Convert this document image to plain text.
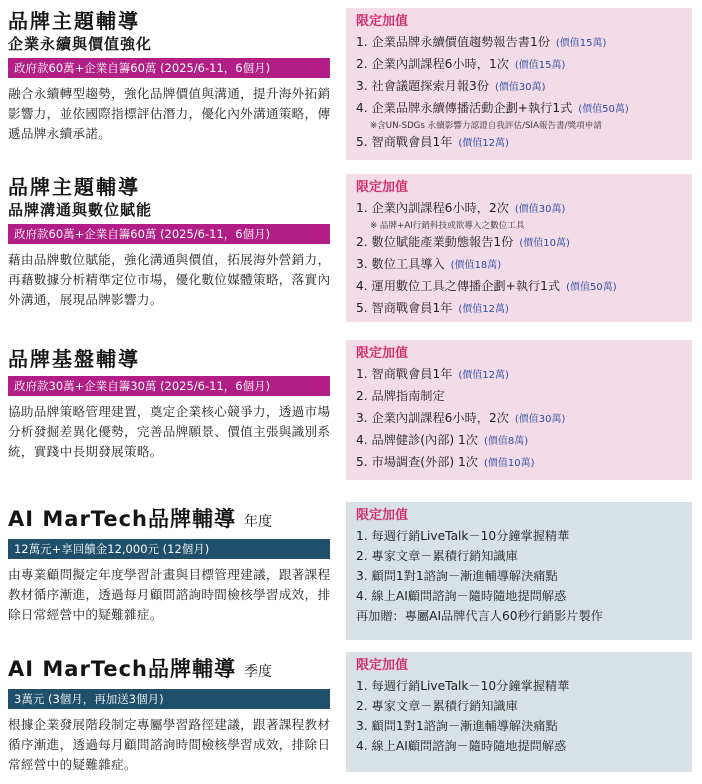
品牌主題輔導
企業永續與價值強化
政府款60萬+企業自籌60萬 (2025/6-11，6個月)
融合永續轉型趨勢，強化品牌價值與溝通，提升海外拓銷影響力，並依國際指標評估潛力，優化內外溝通策略，傳遞品牌永續承諾。
限定加值
1. 企業品牌永續價值趨勢報告書1份 (價值15萬)
2. 企業內訓課程6小時，1次 (價值15萬)
3. 社會議題探索月報3份 (價值30萬)
4. 企業品牌永續傳播活動企劃+執行1式 (價值50萬)
※含UN-SDGs 永續影響力認證自我評估/SIA報告書/獎項申請
5. 智商戰會員1年 (價值12萬)
品牌主題輔導
品牌溝通與數位賦能
政府款60萬+企業自籌60萬 (2025/6-11，6個月)
藉由品牌數位賦能，強化溝通與價值，拓展海外營銷力，再藉數據分析精準定位市場，優化數位媒體策略，落實內外溝通，展現品牌影響力。
限定加值
1. 企業內訓課程6小時，2次 (價值30萬)
※ 品牌+AI行銷科技或欲導入之數位工具
2. 數位賦能產業動態報告1份 (價值10萬)
3. 數位工具導入 (價值18萬)
4. 運用數位工具之傳播企劃+執行1式 (價值50萬)
5. 智商戰會員1年 (價值12萬)
品牌基盤輔導
政府款30萬+企業自籌30萬 (2025/6-11，6個月)
協助品牌策略管理建置，奠定企業核心競爭力，透過市場分析發掘差異化優勢，完善品牌願景、價值主張與識別系統，實踐中長期發展策略。
限定加值
1. 智商戰會員1年 (價值12萬)
2. 品牌指南制定
3. 企業內訓課程6小時，2次 (價值30萬)
4. 品牌健診(內部) 1次 (價值8萬)
5. 市場調查(外部) 1次 (價值10萬)
AI MarTech品牌輔導 年度
12萬元+享回饋金12,000元 (12個月)
由專業顧問擬定年度學習計畫與目標管理建議，跟著課程教材循序漸進，透過每月顧問諮詢時間檢核學習成效，排除日常經營中的疑難雜症。
限定加值
1. 每週行銷LiveTalk－10分鐘掌握精華
2. 專家文章－累積行銷知識庫
3. 顧問1對1諮詢－漸進輔導解決痛點
4. 線上AI顧問諮詢－隨時隨地提問解惑
再加贈：專屬AI品牌代言人60秒行銷影片製作
AI MarTech品牌輔導 季度
3萬元 (3個月，再加送3個月)
根據企業發展階段制定專屬學習路徑建議，跟著課程教材循序漸進，透過每月顧問諮詢時間檢核學習成效，排除日常經營中的疑難雜症。
限定加值
1. 每週行銷LiveTalk－10分鐘掌握精華
2. 專家文章－累積行銷知識庫
3. 顧問1對1諮詢－漸進輔導解決痛點
4. 線上AI顧問諮詢－隨時隨地提問解惑
